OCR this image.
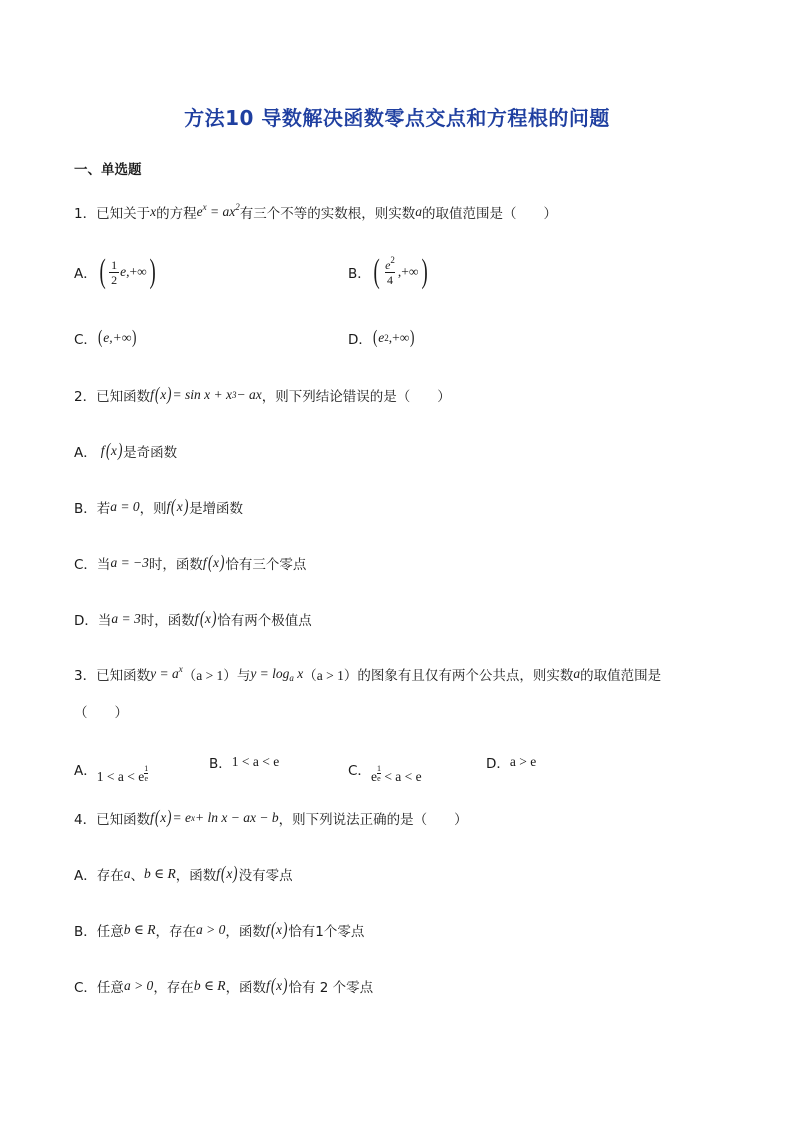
方法10 导数解决函数零点交点和方程根的问题
一、单选题
1．已知关于 x 的方程 $e^x = ax^2$ 有三个不等的实数根，则实数 a 的取值范围是（　　）
A． ( $\frac{1}{2}$ e ,+∞ )	B． ( $\frac{e^2}{4}$ ,+∞ )
C． ( e,+∞ )	D． ( e 2 ,+∞ )
2．已知函数 f ( x ) = sin x + x 3 − ax ，则下列结论错误的是（　　）
A． f ( x ) 是奇函数
B．若 a = 0 ，则 f ( x ) 是增函数
C．当 a = −3 时，函数 f ( x ) 恰有三个零点
D．当 a = 3 时，函数 f ( x ) 恰有两个极值点
3．已知函数 $y = a^x$ （a > 1） 与 $y = \log_a x$ （a > 1） 的图象有且仅有两个公共点，则实数 a 的取值范围是
（　　）
A． 1 < a < e $\frac{1}{e}$	B． 1 < a < e
C． e $\frac{1}{e} < a < e$
D． a > e
4．已知函数 f ( x ) = e x + ln x − ax − b ，则下列说法正确的是（　　）
A．存在 a 、 b ∈ R ，函数 f ( x ) 没有零点
B．任意 b ∈ R ，存在 a > 0 ，函数 f ( x ) 恰有1个零点
C．任意 a > 0 ，存在 b ∈ R ，函数 f ( x ) 恰有 2 个零点
